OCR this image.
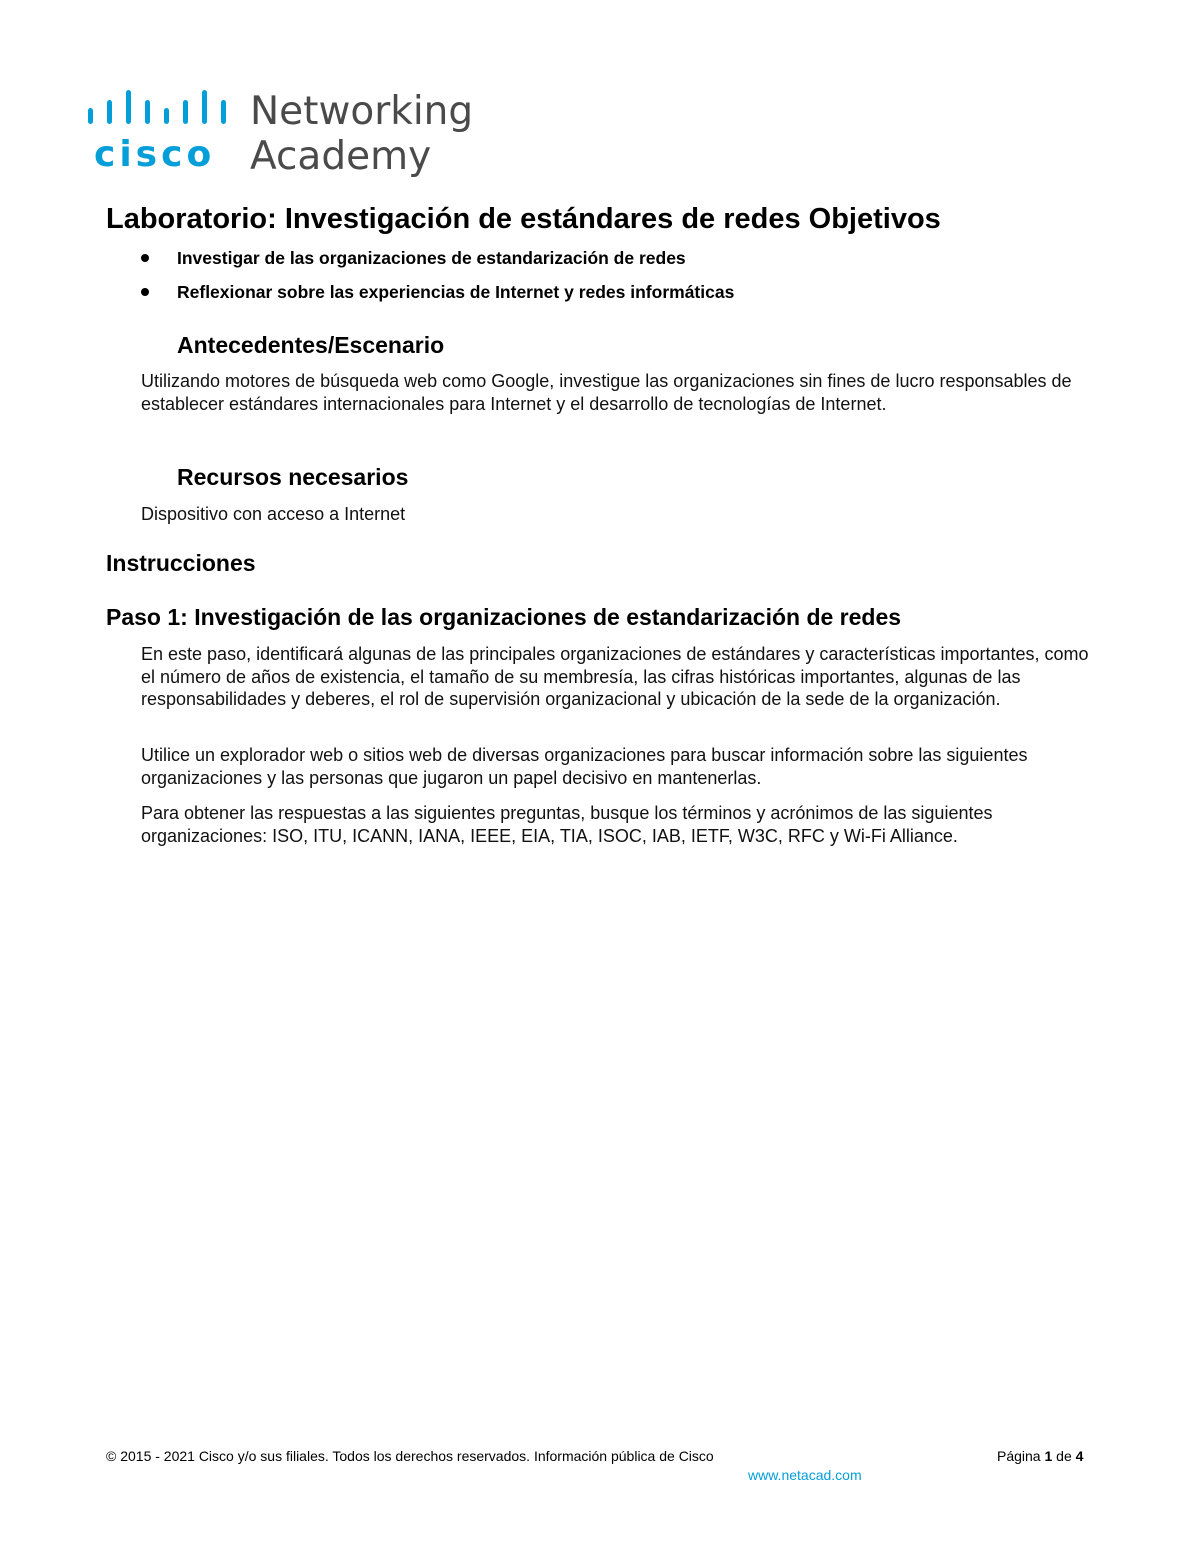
cisco
Networking
Academy
Laboratorio: Investigación de estándares de redes Objetivos
Investigar de las organizaciones de estandarización de redes
Reflexionar sobre las experiencias de Internet y redes informáticas
Antecedentes/Escenario

Utilizando motores de búsqueda web como Google, investigue las organizaciones sin fines de lucro responsables de establecer estándares internacionales para Internet y el desarrollo de tecnologías de Internet.

Recursos necesarios

Dispositivo con acceso a Internet

Instrucciones
Paso 1: Investigación de las organizaciones de estandarización de redes

En este paso, identificará algunas de las principales organizaciones de estándares y características importantes, como el número de años de existencia, el tamaño de su membresía, las cifras históricas importantes, algunas de las responsabilidades y deberes, el rol de supervisión organizacional y ubicación de la sede de la organización.

Utilice un explorador web o sitios web de diversas organizaciones para buscar información sobre las siguientes organizaciones y las personas que jugaron un papel decisivo en mantenerlas.

Para obtener las respuestas a las siguientes preguntas, busque los términos y acrónimos de las siguientes organizaciones: ISO, ITU, ICANN, IANA, IEEE, EIA, TIA, ISOC, IAB, IETF, W3C, RFC y Wi-Fi Alliance.

© 2015 - 2021 Cisco y/o sus filiales. Todos los derechos reservados. Información pública de Cisco	Página 1 de 4
www.netacad.com
